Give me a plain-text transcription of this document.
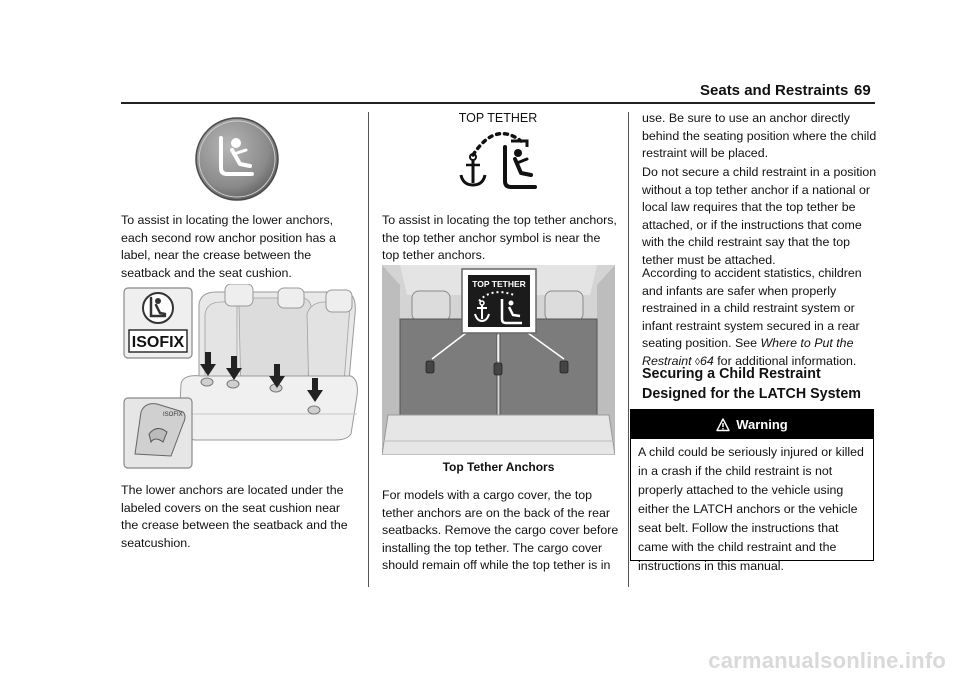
Seats and Restraints 69

To assist in locating the lower anchors, each second row anchor position has a label, near the crease between the seatback and the seat cushion.

ISOFIX
ISOFIX

The lower anchors are located under the labeled covers on the seat cushion near the crease between the seatback and the seatcushion.

TOP TETHER

To assist in locating the top tether anchors, the top tether anchor symbol is near the top tether anchors.

TOP TETHER
Top Tether Anchors

For models with a cargo cover, the top tether anchors are on the back of the rear seatbacks. Remove the cargo cover before installing the top tether. The cargo cover should remain off while the top tether is in

use. Be sure to use an anchor directly behind the seating position where the child restraint will be placed.

Do not secure a child restraint in a position without a top tether anchor if a national or local law requires that the top tether be attached, or if the instructions that come with the child restraint say that the top tether must be attached.

According to accident statistics, children and infants are safer when properly restrained in a child restraint system or infant restraint system secured in a rear seating position. See Where to Put the Restraint ◊64 for additional information.

Securing a Child Restraint Designed for the LATCH System
Warning
A child could be seriously injured or killed in a crash if the child restraint is not properly attached to the vehicle using either the LATCH anchors or the vehicle seat belt. Follow the instructions that came with the child restraint and the instructions in this manual.
carmanualsonline.info
